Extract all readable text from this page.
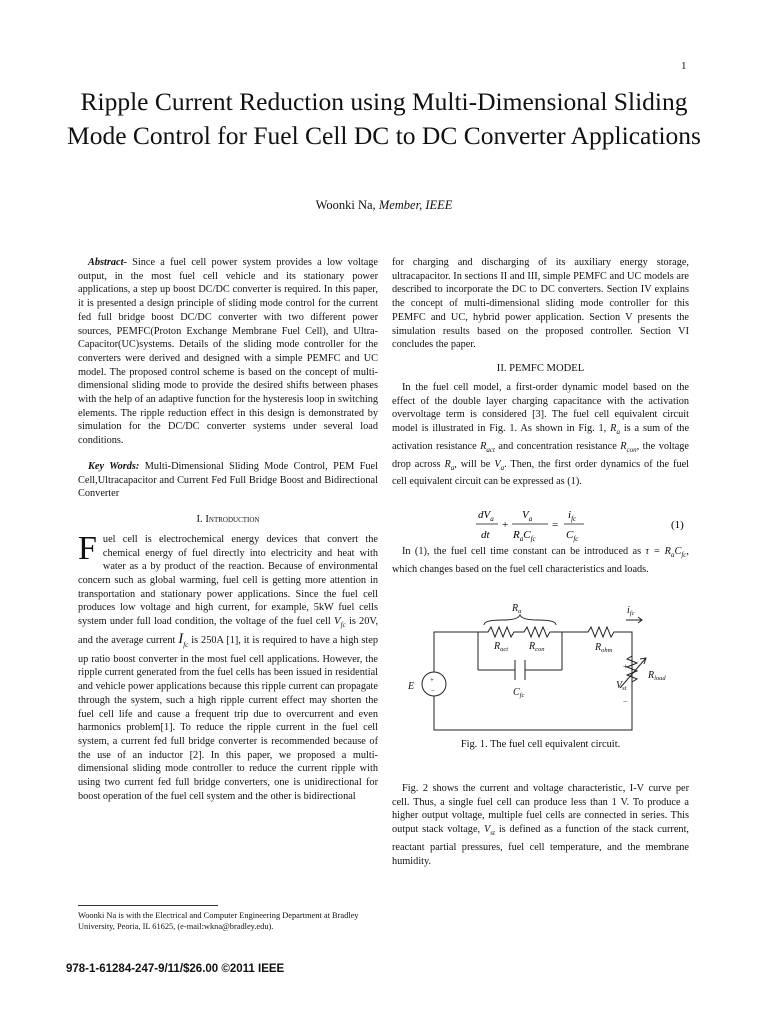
1
Ripple Current Reduction using Multi-Dimensional Sliding Mode Control for Fuel Cell DC to DC Converter Applications
Woonki Na, Member, IEEE

Abstract- Since a fuel cell power system provides a low voltage output, in the most fuel cell vehicle and its stationary power applications, a step up boost DC/DC converter is required. In this paper, it is presented a design principle of sliding mode control for the current fed full bridge boost DC/DC converter with two different power sources, PEMFC(Proton Exchange Membrane Fuel Cell), and Ultra-Capacitor(UC)systems. Details of the sliding mode controller for the converters were derived and designed with a simple PEMFC and UC model. The proposed control scheme is based on the concept of multi-dimensional sliding mode to provide the desired shifts between phases with the help of an adaptive function for the hysteresis loop in switching elements. The ripple reduction effect in this design is demonstrated by simulation for the DC/DC converter systems under several load conditions.

Key Words: Multi-Dimensional Sliding Mode Control, PEM Fuel Cell,Ultracapacitor and Current Fed Full Bridge Boost and Bidirectional Converter

I. Introduction

Fuel cell is electrochemical energy devices that convert the chemical energy of fuel directly into electricity and heat with water as a by product of the reaction. Because of environmental concern such as global warming, fuel cell is getting more attention in transportation and stationary power applications. Since the fuel cell produces low voltage and high current, for example, 5kW fuel cells system under full load condition, the voltage of the fuel cell $V_{fc}$ is 20V, and the average current $I_{fc}$ is 250A [1], it is required to have a high step up ratio boost converter in the most fuel cell applications. However, the ripple current generated from the fuel cells has been issued in residential and vehicle power applications because this ripple current can propagate through the system, such a high ripple current effect may shorten the fuel cell life and cause a frequent trip due to overcurrent and even harmonics problem[1]. To reduce the ripple current in the fuel cell system, a current fed full bridge converter is recommended because of the use of an inductor [2]. In this paper, we proposed a multi-dimensional sliding mode controller to reduce the current ripple with using two current fed full bridge converters, one is unidirectional for boost operation of the fuel cell system and the other is bidirectional

Woonki Na is with the Electrical and Computer Engineering Department at Bradley University, Peoria, IL 61625, (e-mail:wkna@bradley.edu).
978-1-61284-247-9/11/$26.00 ©2011 IEEE

for charging and discharging of its auxiliary energy storage, ultracapacitor. In sections II and III, simple PEMFC and UC models are described to incorporate the DC to DC converters. Section IV explains the concept of multi-dimensional sliding mode controller for this PEMFC and UC, hybrid power application. Section V presents the simulation results based on the proposed controller. Section VI concludes the paper.

II. PEMFC MODEL

In the fuel cell model, a first-order dynamic model based on the effect of the double layer charging capacitance with the activation overvoltage term is considered [3]. The fuel cell equivalent circuit model is illustrated in Fig. 1. As shown in Fig. 1, $R_a$ is a sum of the activation resistance $R_{act}$ and concentration resistance $R_{con}$, the voltage drop across $R_a$, will be $V_a$. Then, the first order dynamics of the fuel cell equivalent circuit can be expressed as (1).

$dV_a$
dt
+
$V_a$
$R_aC_{fc}$
=
$i_{fc}$
$C_{fc}$
(1)

In (1), the fuel cell time constant can be introduced as $\tau = R_aC_{fc}$, which changes based on the fuel cell characteristics and loads.

+
−
E
$R_a$
$R_{act}$ $R_{con}$	$R_{ohm}$
$i_{fc}$
$C_{fc}$
+
−
$V_{st}$
$R_{load}$
Fig. 1. The fuel cell equivalent circuit.

Fig. 2 shows the current and voltage characteristic, I-V curve per cell. Thus, a single fuel cell can produce less than 1 V. To produce a higher output voltage, multiple fuel cells are connected in series. This output stack voltage, $V_{st}$ is defined as a function of the stack current, reactant partial pressures, fuel cell temperature, and the membrane humidity.
